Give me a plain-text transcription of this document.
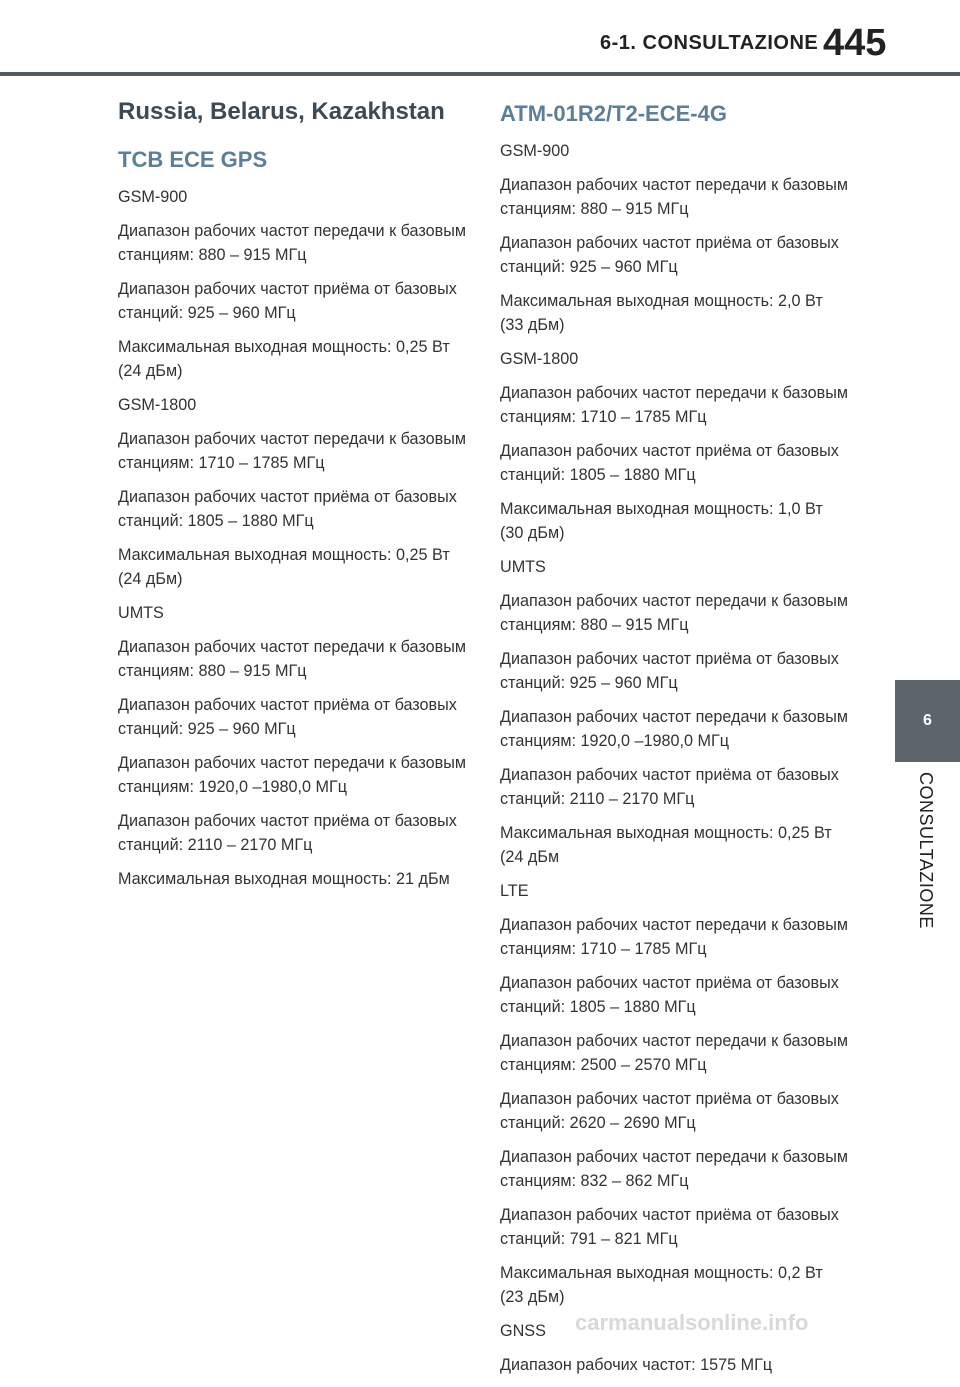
6-1. CONSULTAZIONE 445
Russia, Belarus, Kazakhstan
TCB ECE GPS

GSM-900

Диапазон рабочих частот передачи к базовым станциям: 880 – 915 МГц

Диапазон рабочих частот приёма от базовых станций: 925 – 960 МГц

Максимальная выходная мощность: 0,25 Вт (24 дБм)

GSM-1800

Диапазон рабочих частот передачи к базовым станциям: 1710 – 1785 МГц

Диапазон рабочих частот приёма от базовых станций: 1805 – 1880 МГц

Максимальная выходная мощность: 0,25 Вт (24 дБм)

UMTS

Диапазон рабочих частот передачи к базовым станциям: 880 – 915 МГц

Диапазон рабочих частот приёма от базовых станций: 925 – 960 МГц

Диапазон рабочих частот передачи к базовым станциям: 1920,0 –1980,0 МГц

Диапазон рабочих частот приёма от базовых станций: 2110 – 2170 МГц

Максимальная выходная мощность: 21 дБм

ATM-01R2/T2-ECE-4G

GSM-900

Диапазон рабочих частот передачи к базовым станциям: 880 – 915 МГц

Диапазон рабочих частот приёма от базовых станций: 925 – 960 МГц

Максимальная выходная мощность: 2,0 Вт (33 дБм)

GSM-1800

Диапазон рабочих частот передачи к базовым станциям: 1710 – 1785 МГц

Диапазон рабочих частот приёма от базовых станций: 1805 – 1880 МГц

Максимальная выходная мощность: 1,0 Вт (30 дБм)

UMTS

Диапазон рабочих частот передачи к базовым станциям: 880 – 915 МГц

Диапазон рабочих частот приёма от базовых станций: 925 – 960 МГц

Диапазон рабочих частот передачи к базовым станциям: 1920,0 –1980,0 МГц

Диапазон рабочих частот приёма от базовых станций: 2110 – 2170 МГц

Максимальная выходная мощность: 0,25 Вт (24 дБм

LTE

Диапазон рабочих частот передачи к базовым станциям: 1710 – 1785 МГц

Диапазон рабочих частот приёма от базовых станций: 1805 – 1880 МГц

Диапазон рабочих частот передачи к базовым станциям: 2500 – 2570 МГц

Диапазон рабочих частот приёма от базовых станций: 2620 – 2690 МГц

Диапазон рабочих частот передачи к базовым станциям: 832 – 862 МГц

Диапазон рабочих частот приёма от базовых станций: 791 – 821 МГц

Максимальная выходная мощность: 0,2 Вт (23 дБм)

GNSS

Диапазон рабочих частот: 1575 МГц

6
CONSULTAZIONE
carmanualsonline.info
